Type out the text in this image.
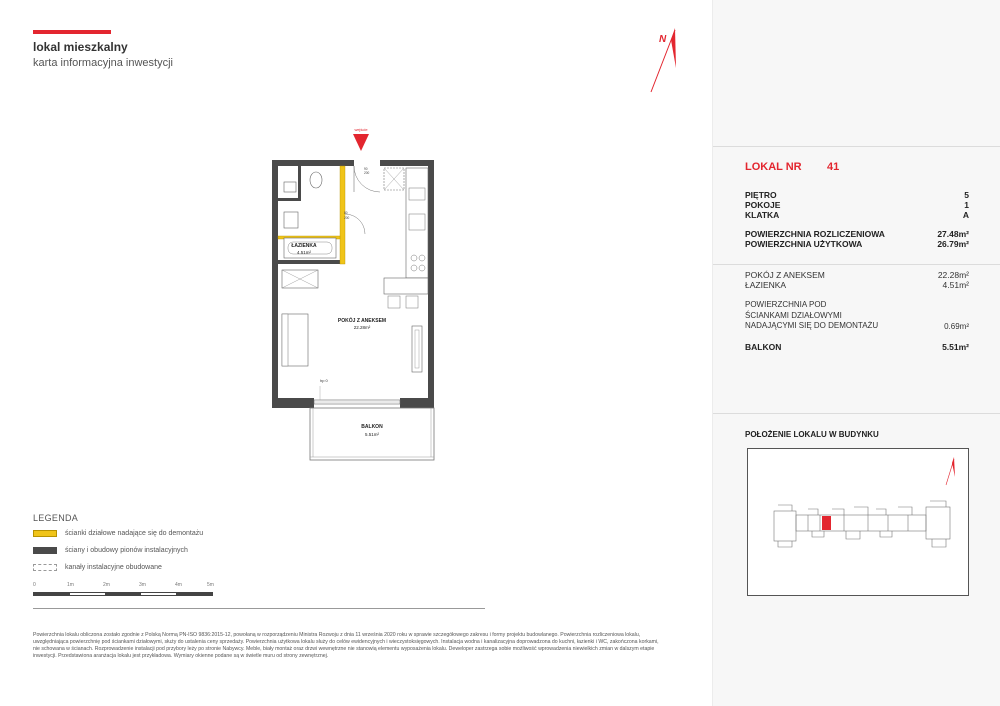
lokal mieszkalny
karta informacyjna inwestycji
N
wejście
ŁAZIENKA
4.51m²
90
200
80
200
POKÓJ Z ANEKSEM
22.28m²
hp 0
BALKON
5.51m²
LEGENDA
ścianki działowe nadające się do demontażu
ściany i obudowy pionów instalacyjnych
kanały instalacyjne obudowane
0	1m	2m	3m	4m	5m
Powierzchnia lokalu obliczona zostało zgodnie z Polską Normą PN-ISO 9836:2015-12, powołaną w rozporządzeniu Ministra Rozwoju z dnia 11 września 2020 roku w sprawie szczegółowego zakresu i formy projektu budowlanego. Powierzchnia rozliczeniowa lokalu, uwzględniająca powierzchnię pod ściankami działowymi, służy do ustalenia ceny sprzedaży. Powierzchnia użytkowa lokalu służy do celów ewidencyjnych i wieczystoksięgowych. Instalacja wodna i kanalizacyjna doprowadzona do kuchni, łazienki i WC, zakończona korkami, nie schowana w ścianach. Rozprowadzenie instalacji pod przybory leży po stronie Nabywcy. Meble, biały montaż oraz drzwi wewnętrzne nie stanowią elementu wyposażenia lokalu. Deweloper zastrzega sobie możliwość wprowadzenia niewielkich zmian w dalszym etapie inwestycji. Przedstawiona aranżacja lokalu jest przykładowa. Wymiary okienne podane są w świetle muru od strony zewnętrznej.
LOKAL NR 41
PIĘTRO	5
POKOJE	1
KLATKA	A
POWIERZCHNIA ROZLICZENIOWA	27.48m²
POWIERZCHNIA UŻYTKOWA	26.79m²
POKÓJ Z ANEKSEM	22.28m²
ŁAZIENKA	4.51m²
POWIERZCHNIA POD
ŚCIANKAMI DZIAŁOWYMI
NADAJĄCYMI SIĘ DO DEMONTAŻU	0.69m²
BALKON	5.51m²
POŁOŻENIE LOKALU W BUDYNKU
